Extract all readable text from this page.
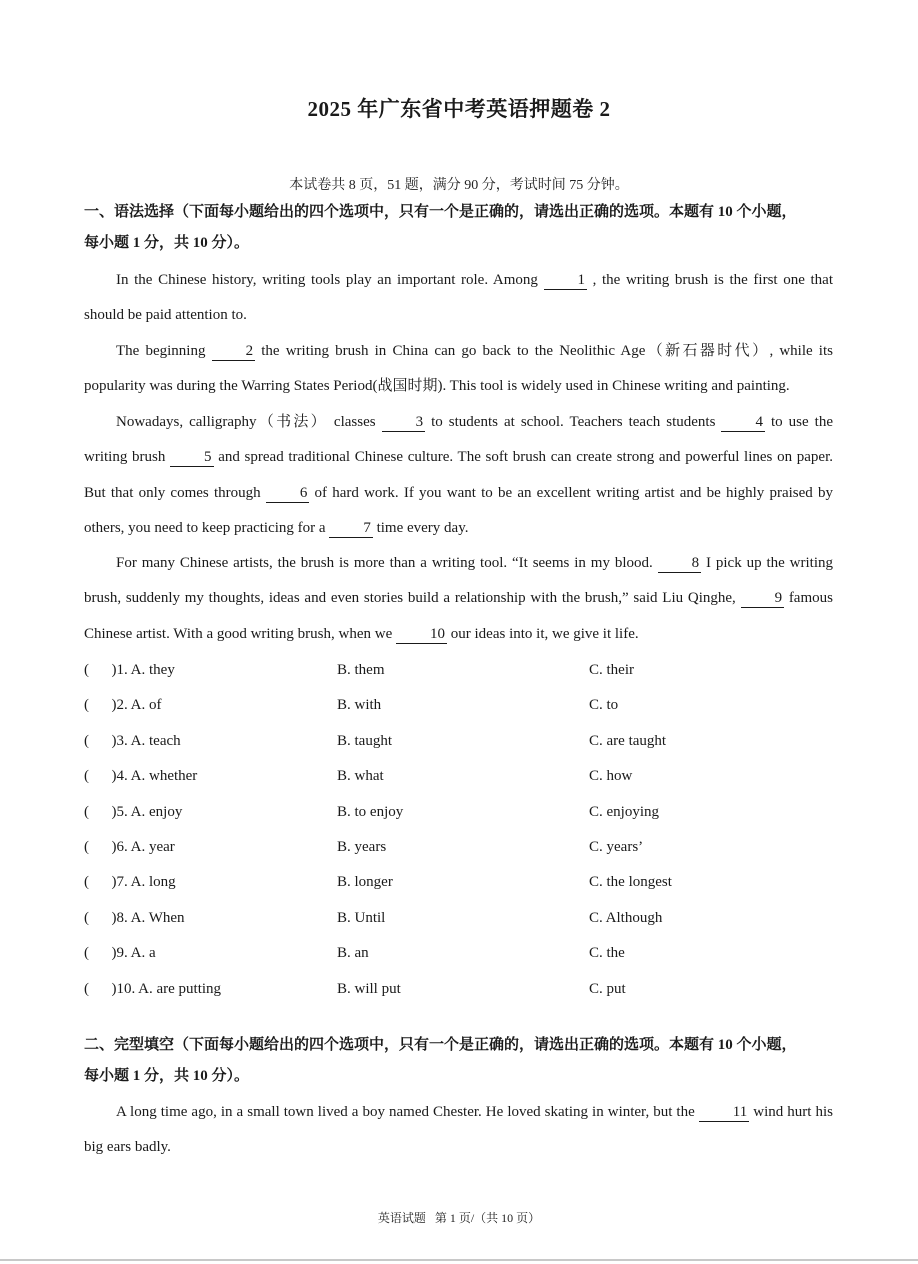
2025 年广东省中考英语押题卷 2
本试卷共 8 页，51 题，满分 90 分，考试时间 75 分钟。
一、语法选择（下面每小题给出的四个选项中，只有一个是正确的，请选出正确的选项。本题有 10 个小题，
每小题 1 分，共 10 分）。
In the Chinese history, writing tools play an important role. Among 1 , the writing brush is the first one that should be paid attention to.
The beginning 2 the writing brush in China can go back to the Neolithic Age（新石器时代）, while its popularity was during the Warring States Period(战国时期). This tool is widely used in Chinese writing and painting.
Nowadays, calligraphy（书法） classes 3 to students at school. Teachers teach students 4 to use the writing brush 5 and spread traditional Chinese culture. The soft brush can create strong and powerful lines on paper. But that only comes through 6 of hard work. If you want to be an excellent writing artist and be highly praised by others, you need to keep practicing for a 7 time every day.
For many Chinese artists, the brush is more than a writing tool. “It seems in my blood. 8 I pick up the writing brush, suddenly my thoughts, ideas and even stories build a relationship with the brush,” said Liu Qinghe, 9 famous Chinese artist. With a good writing brush, when we 10 our ideas into it, we give it life.
(      )1. A. they	B. them	C. their
(      )2. A. of	B. with	C. to
(      )3. A. teach	B. taught	C. are taught
(      )4. A. whether	B. what	C. how
(      )5. A. enjoy	B. to enjoy	C. enjoying
(      )6. A. year	B. years	C. years’
(      )7. A. long	B. longer	C. the longest
(      )8. A. When	B. Until	C. Although
(      )9. A. a	B. an	C. the
(      )10. A. are putting	B. will put	C. put
二、完型填空（下面每小题给出的四个选项中，只有一个是正确的，请选出正确的选项。本题有 10 个小题，
每小题 1 分，共 10 分）。
A long time ago, in a small town lived a boy named Chester. He loved skating in winter, but the 11 wind hurt his big ears badly.
英语试题   第 1 页/（共 10 页）
